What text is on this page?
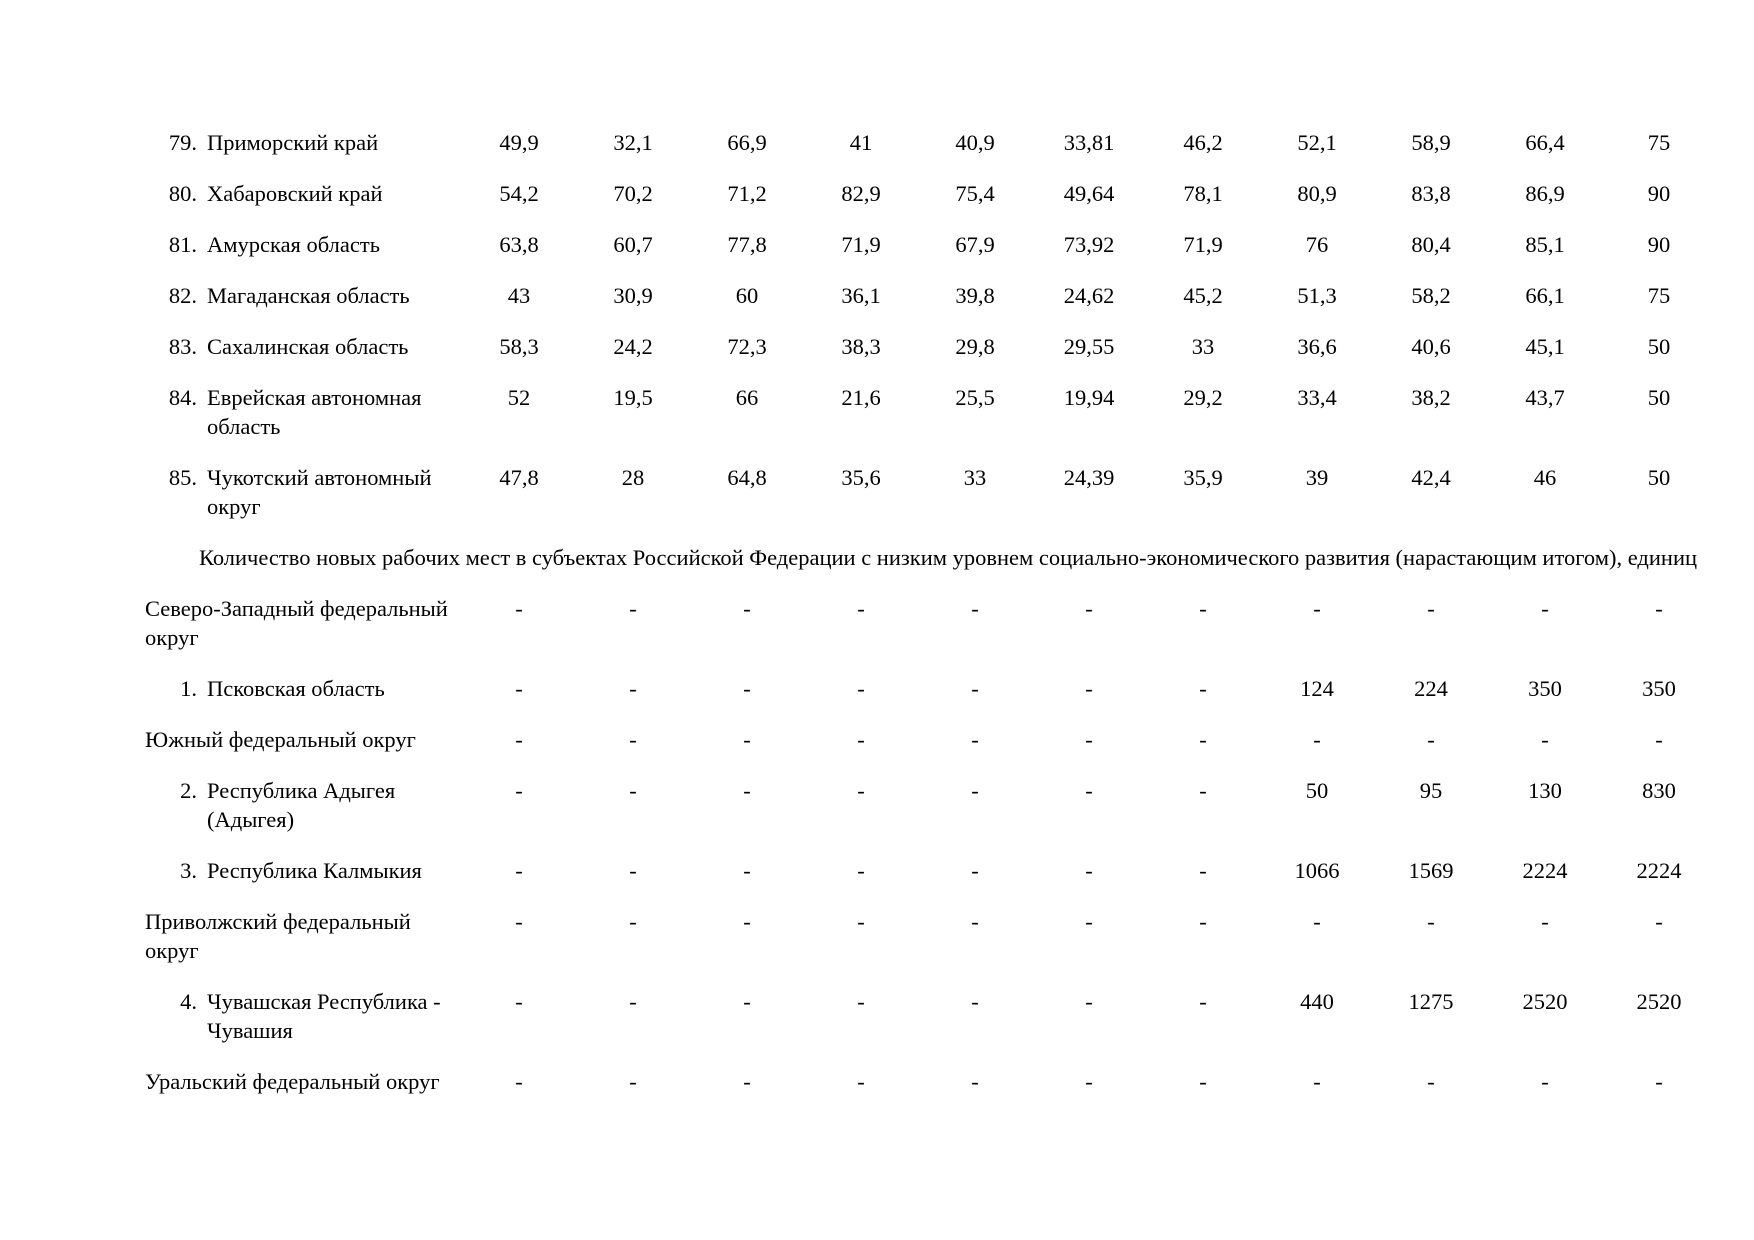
79.	Приморский край	49,9	32,1	66,9	41	40,9	33,81	46,2	52,1	58,9	66,4	75
80.	Хабаровский край	54,2	70,2	71,2	82,9	75,4	49,64	78,1	80,9	83,8	86,9	90
81.	Амурская область	63,8	60,7	77,8	71,9	67,9	73,92	71,9	76	80,4	85,1	90
82.	Магаданская область	43	30,9	60	36,1	39,8	24,62	45,2	51,3	58,2	66,1	75
83.	Сахалинская область	58,3	24,2	72,3	38,3	29,8	29,55	33	36,6	40,6	45,1	50
84.	Еврейская автономная область	52	19,5	66	21,6	25,5	19,94	29,2	33,4	38,2	43,7	50
85.	Чукотский автономный округ	47,8	28	64,8	35,6	33	24,39	35,9	39	42,4	46	50
Количество новых рабочих мест в субъектах Российской Федерации с низким уровнем социально-экономического развития (нарастающим итогом), единиц												
Северо-Западный федеральный округ		-	-	-	-	-	-	-	-	-	-	-
1.	Псковская область	-	-	-	-	-	-	-	124	224	350	350
Южный федеральный округ		-	-	-	-	-	-	-	-	-	-	-
2.	Республика Адыгея (Адыгея)	-	-	-	-	-	-	-	50	95	130	830
3.	Республика Калмыкия	-	-	-	-	-	-	-	1066	1569	2224	2224
Приволжский федеральный округ		-	-	-	-	-	-	-	-	-	-	-
4.	Чувашская Республика - Чувашия	-	-	-	-	-	-	-	440	1275	2520	2520
Уральский федеральный округ		-	-	-	-	-	-	-	-	-	-	-
